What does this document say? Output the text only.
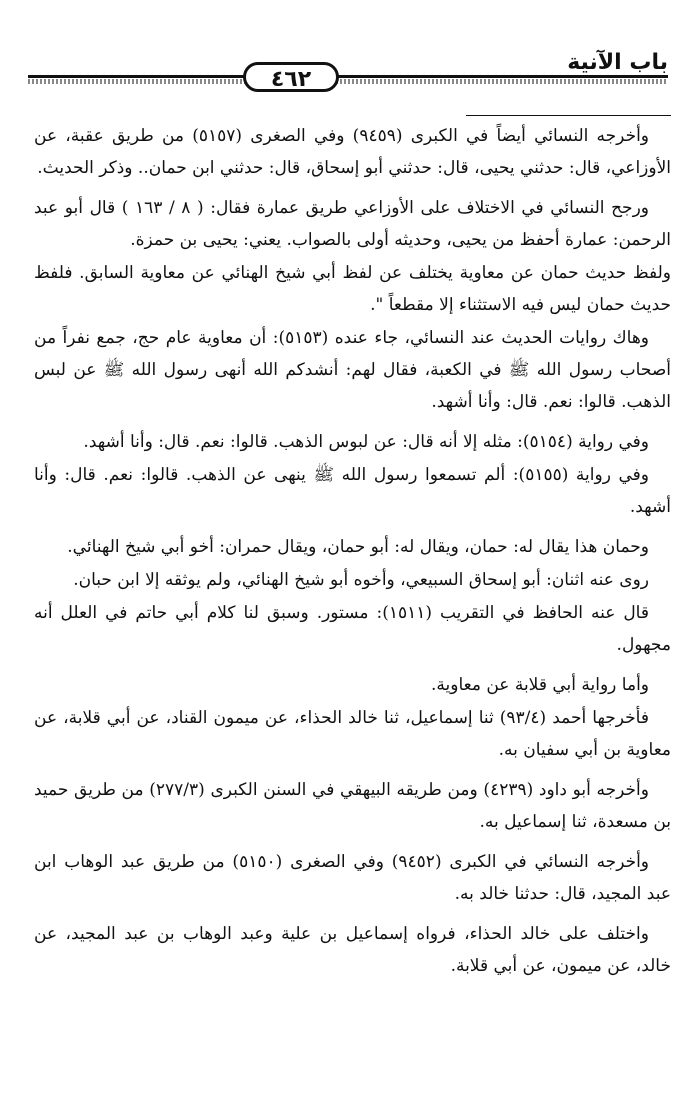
باب الآنية
٤٦٢

وأخرجه النسائي أيضاً في الكبرى (٩٤٥٩) وفي الصغرى (٥١٥٧) من طريق عقبة، عن الأوزاعي، قال: حدثني يحيى، قال: حدثني أبو إسحاق، قال: حدثني ابن حمان.. وذكر الحديث.

ورجح النسائي في الاختلاف على الأوزاعي طريق عمارة فقال: ( ٨ / ١٦٣ ) قال أبو عبد الرحمن: عمارة أحفظ من يحيى، وحديثه أولى بالصواب. يعني: يحيى بن حمزة.

ولفظ حديث حمان عن معاوية يختلف عن لفظ أبي شيخ الهنائي عن معاوية السابق. فلفظ حديث حمان ليس فيه الاستثناء إلا مقطعاً ".

وهاك روايات الحديث عند النسائي، جاء عنده (٥١٥٣): أن معاوية عام حج، جمع نفراً من أصحاب رسول الله ﷺ في الكعبة، فقال لهم: أنشدكم الله أنهى رسول الله ﷺ عن لبس الذهب. قالوا: نعم. قال: وأنا أشهد.

وفي رواية (٥١٥٤): مثله إلا أنه قال: عن لبوس الذهب. قالوا: نعم. قال: وأنا أشهد.

وفي رواية (٥١٥٥): ألم تسمعوا رسول الله ﷺ ينهى عن الذهب. قالوا: نعم. قال: وأنا أشهد.

وحمان هذا يقال له: حمان، ويقال له: أبو حمان، ويقال حمران: أخو أبي شيخ الهنائي.

روى عنه اثنان: أبو إسحاق السبيعي، وأخوه أبو شيخ الهنائي، ولم يوثقه إلا ابن حبان.

قال عنه الحافظ في التقريب (١٥١١): مستور. وسبق لنا كلام أبي حاتم في العلل أنه مجهول.

وأما رواية أبي قلابة عن معاوية.

فأخرجها أحمد (٩٣/٤) ثنا إسماعيل، ثنا خالد الحذاء، عن ميمون القناد، عن أبي قلابة، عن معاوية بن أبي سفيان به.

وأخرجه أبو داود (٤٢٣٩) ومن طريقه البيهقي في السنن الكبرى (٢٧٧/٣) من طريق حميد بن مسعدة، ثنا إسماعيل به.

وأخرجه النسائي في الكبرى (٩٤٥٢) وفي الصغرى (٥١٥٠) من طريق عبد الوهاب ابن عبد المجيد، قال: حدثنا خالد به.

واختلف على خالد الحذاء، فرواه إسماعيل بن علية وعبد الوهاب بن عبد المجيد، عن خالد، عن ميمون، عن أبي قلابة.
